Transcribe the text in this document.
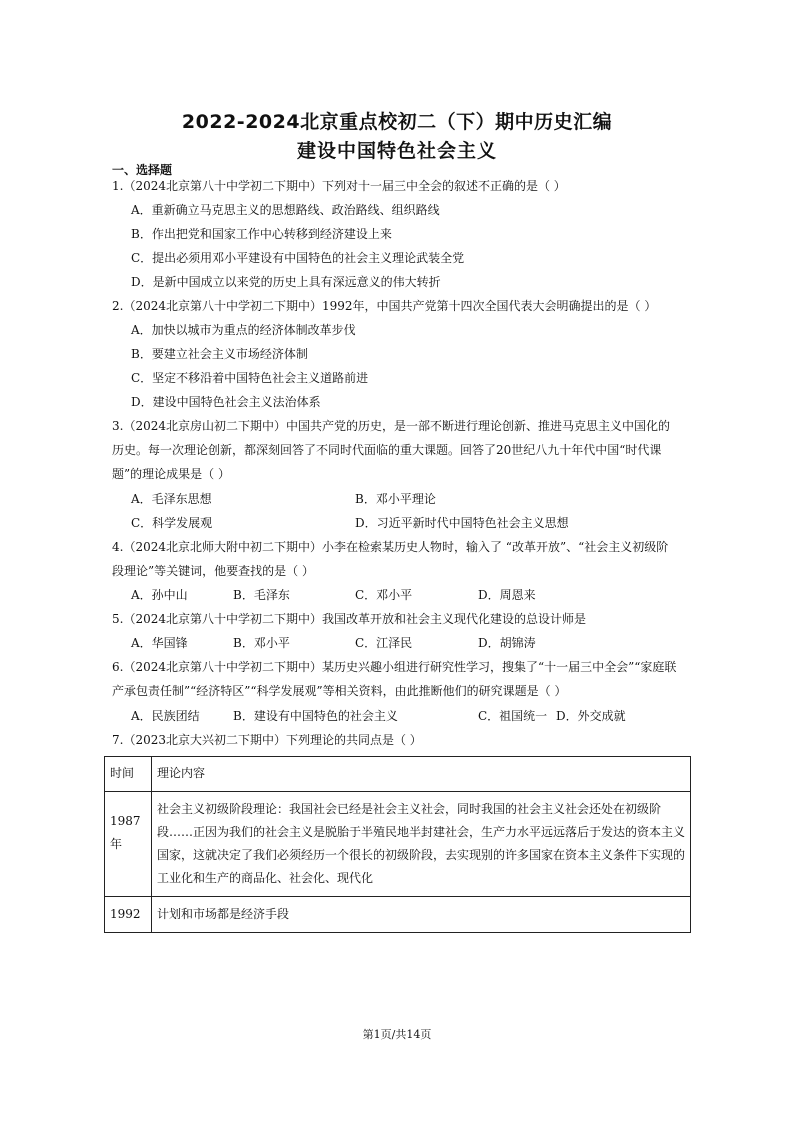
2022-2024北京重点校初二（下）期中历史汇编
建设中国特色社会主义
一、选择题
1.（2024北京第八十中学初二下期中）下列对十一届三中全会的叙述不正确的是（ ）
A．重新确立马克思主义的思想路线、政治路线、组织路线
B．作出把党和国家工作中心转移到经济建设上来
C．提出必须用邓小平建设有中国特色的社会主义理论武装全党
D．是新中国成立以来党的历史上具有深远意义的伟大转折
2.（2024北京第八十中学初二下期中）1992年，中国共产党第十四次全国代表大会明确提出的是（ ）
A．加快以城市为重点的经济体制改革步伐
B．要建立社会主义市场经济体制
C．坚定不移沿着中国特色社会主义道路前进
D．建设中国特色社会主义法治体系
3.（2024北京房山初二下期中）中国共产党的历史，是一部不断进行理论创新、推进马克思主义中国化的
历史。每一次理论创新，都深刻回答了不同时代面临的重大课题。回答了20世纪八九十年代中国“时代课
题”的理论成果是（ ）
A．毛泽东思想	B．邓小平理论
C．科学发展观	D．习近平新时代中国特色社会主义思想
4.（2024北京北师大附中初二下期中）小李在检索某历史人物时，输入了 “改革开放”、“社会主义初级阶
段理论”等关键词，他要查找的是（ ）
A．孙中山	B．毛泽东	C．邓小平	D．周恩来
5.（2024北京第八十中学初二下期中）我国改革开放和社会主义现代化建设的总设计师是
A．华国锋	B．邓小平	C．江泽民	D．胡锦涛
6.（2024北京第八十中学初二下期中）某历史兴趣小组进行研究性学习，搜集了“十一届三中全会”“家庭联
产承包责任制”“经济特区”“科学发展观”等相关资料，由此推断他们的研究课题是（ ）
A．民族团结	B．建设有中国特色的社会主义	C．祖国统一 D．外交成就
7.（2023北京大兴初二下期中）下列理论的共同点是（ ）
时间	理论内容
1987年	社会主义初级阶段理论：我国社会已经是社会主义社会，同时我国的社会主义社会还处在初级阶段……正因为我们的社会主义是脱胎于半殖民地半封建社会，生产力水平远远落后于发达的资本主义国家，这就决定了我们必须经历一个很长的初级阶段，去实现别的许多国家在资本主义条件下实现的工业化和生产的商品化、社会化、现代化
1992	计划和市场都是经济手段
第1页/共14页
